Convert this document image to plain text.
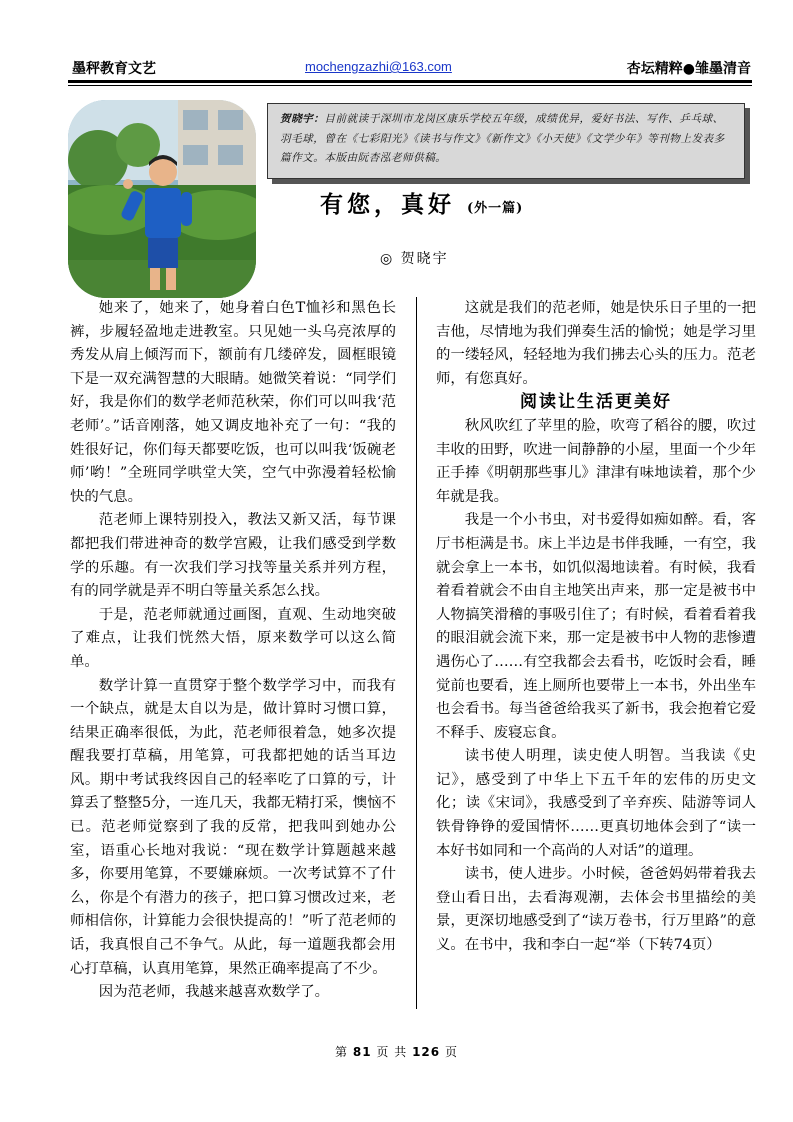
墨秤教育文艺	mochengzazhi@163.com	杏坛精粹●雏墨清音
贺晓宇：目前就读于深圳市龙岗区康乐学校五年级，成绩优异，爱好书法、写作、乒乓球、羽毛球，曾在《七彩阳光》《读书与作文》《新作文》《小天使》《文学少年》等刊物上发表多篇作文。本版由阮杏泓老师供稿。
有您，真好 (外一篇)
◎ 贺晓宇

她来了，她来了，她身着白色T恤衫和黑色长裤，步履轻盈地走进教室。只见她一头乌亮浓厚的秀发从肩上倾泻而下，额前有几缕碎发，圆框眼镜下是一双充满智慧的大眼睛。她微笑着说：“同学们好，我是你们的数学老师范秋荣，你们可以叫我‘范老师’。”话音刚落，她又调皮地补充了一句：“我的姓很好记，你们每天都要吃饭，也可以叫我‘饭碗老师’哟！”全班同学哄堂大笑，空气中弥漫着轻松愉快的气息。

范老师上课特别投入，教法又新又活，每节课都把我们带进神奇的数学宫殿，让我们感受到学数学的乐趣。有一次我们学习找等量关系并列方程，有的同学就是弄不明白等量关系怎么找。

于是，范老师就通过画图，直观、生动地突破了难点，让我们恍然大悟，原来数学可以这么简单。

数学计算一直贯穿于整个数学学习中，而我有一个缺点，就是太自以为是，做计算时习惯口算，结果正确率很低，为此，范老师很着急，她多次提醒我要打草稿，用笔算，可我都把她的话当耳边风。期中考试我终因自己的轻率吃了口算的亏，计算丢了整整5分，一连几天，我都无精打采，懊恼不已。范老师觉察到了我的反常，把我叫到她办公室，语重心长地对我说：“现在数学计算题越来越多，你要用笔算，不要嫌麻烦。一次考试算不了什么，你是个有潜力的孩子，把口算习惯改过来，老师相信你，计算能力会很快提高的！”听了范老师的话，我真恨自己不争气。从此，每一道题我都会用心打草稿，认真用笔算，果然正确率提高了不少。

因为范老师，我越来越喜欢数学了。

这就是我们的范老师，她是快乐日子里的一把吉他，尽情地为我们弹奏生活的愉悦；她是学习里的一缕轻风，轻轻地为我们拂去心头的压力。范老师，有您真好。

阅读让生活更美好

秋风吹红了苹里的脸，吹弯了稻谷的腰，吹过丰收的田野，吹进一间静静的小屋，里面一个少年正手捧《明朝那些事儿》津津有味地读着，那个少年就是我。

我是一个小书虫，对书爱得如痴如醉。看，客厅书柜满是书。床上半边是书伴我睡，一有空，我就会拿上一本书，如饥似渴地读着。有时候，我看着看着就会不由自主地笑出声来，那一定是被书中人物搞笑滑稽的事吸引住了；有时候，看着看着我的眼泪就会流下来，那一定是被书中人物的悲惨遭遇伤心了……有空我都会去看书，吃饭时会看，睡觉前也要看，连上厕所也要带上一本书，外出坐车也会看书。每当爸爸给我买了新书，我会抱着它爱不释手、废寝忘食。

读书使人明理，读史使人明智。当我读《史记》，感受到了中华上下五千年的宏伟的历史文化；读《宋词》，我感受到了辛弃疾、陆游等词人铁骨铮铮的爱国情怀……更真切地体会到了“读一本好书如同和一个高尚的人对话”的道理。

读书，使人进步。小时候，爸爸妈妈带着我去登山看日出，去看海观潮，去体会书里描绘的美景，更深切地感受到了“读万卷书，行万里路”的意义。在书中，我和李白一起“举（下转74页）

第 81 页 共 126 页
